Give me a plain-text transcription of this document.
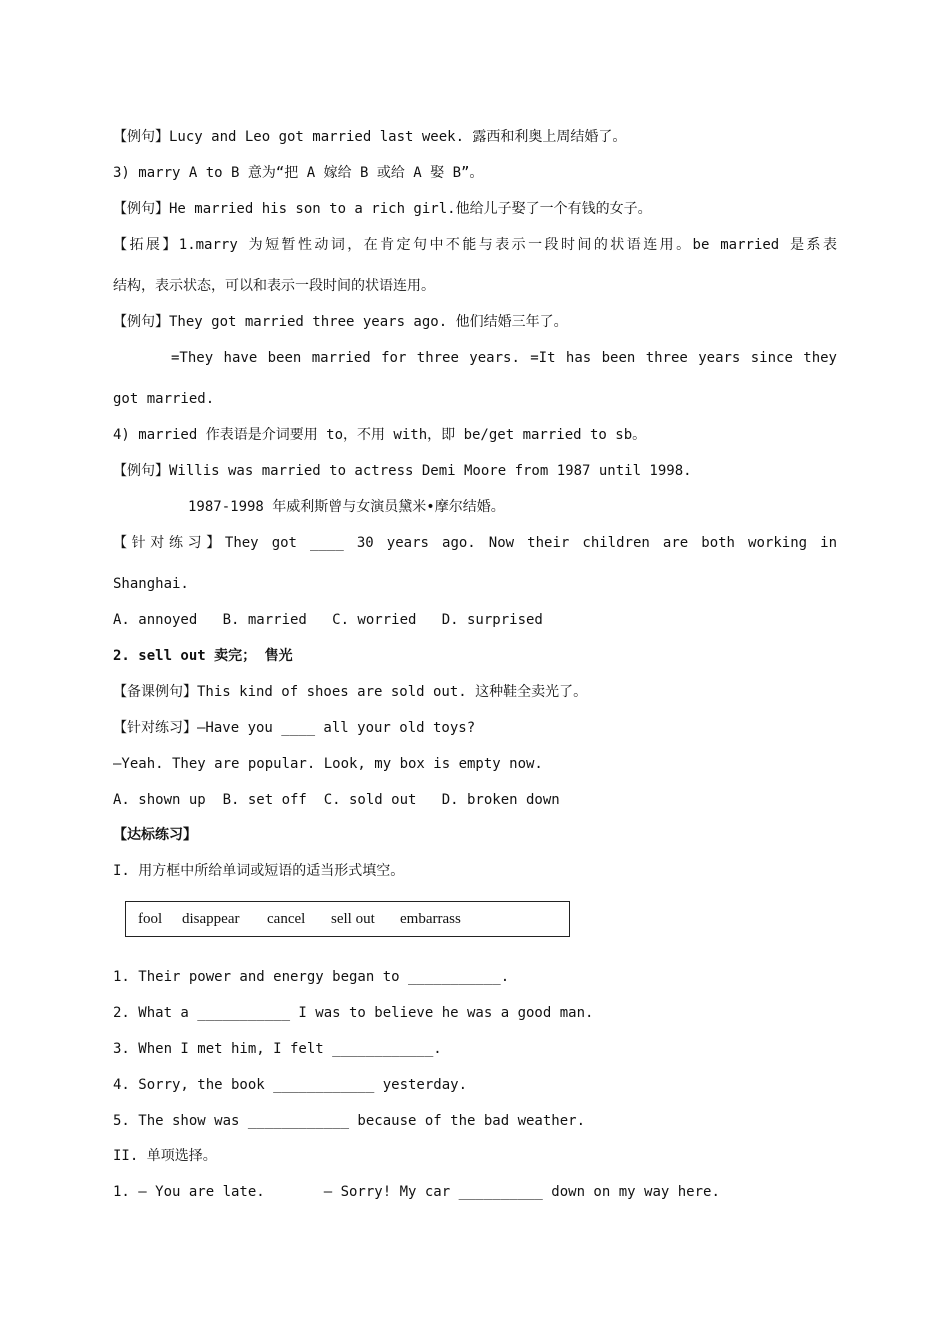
【例句】Lucy and Leo got married last week. 露西和利奥上周结婚了。

3) marry A to B 意为“把 A 嫁给 B 或给 A 娶 B”。

【例句】He married his son to a rich girl.他给儿子娶了一个有钱的女子。

【拓展】1.marry 为短暂性动词，在肯定句中不能与表示一段时间的状语连用。be married 是系表

结构，表示状态，可以和表示一段时间的状语连用。

【例句】They got married three years ago. 他们结婚三年了。

=They have been married for three years. =It has been three years since they

got married.

4) married 作表语是介词要用 to，不用 with，即 be/get married to sb。

【例句】Willis was married to actress Demi Moore from 1987 until 1998.

1987-1998 年威利斯曾与女演员黛米•摩尔结婚。

【针对练习】They got ____ 30 years ago. Now their children are both working in

Shanghai.

A. annoyed   B. married   C. worried   D. surprised

2. sell out 卖完； 售光

【备课例句】This kind of shoes are sold out. 这种鞋全卖光了。

【针对练习】—Have you ____ all your old toys?

—Yeah. They are popular. Look, my box is empty now.

A. shown up  B. set off  C. sold out   D. broken down

【达标练习】

I. 用方框中所给单词或短语的适当形式填空。

fool disappear cancel sell out embarrass

1. Their power and energy began to ___________.

2. What a ___________ I was to believe he was a good man.

3. When I met him, I felt ____________.

4. Sorry, the book ____________ yesterday.

5. The show was ____________ because of the bad weather.

II. 单项选择。

1. — You are late.       — Sorry! My car __________ down on my way here.
